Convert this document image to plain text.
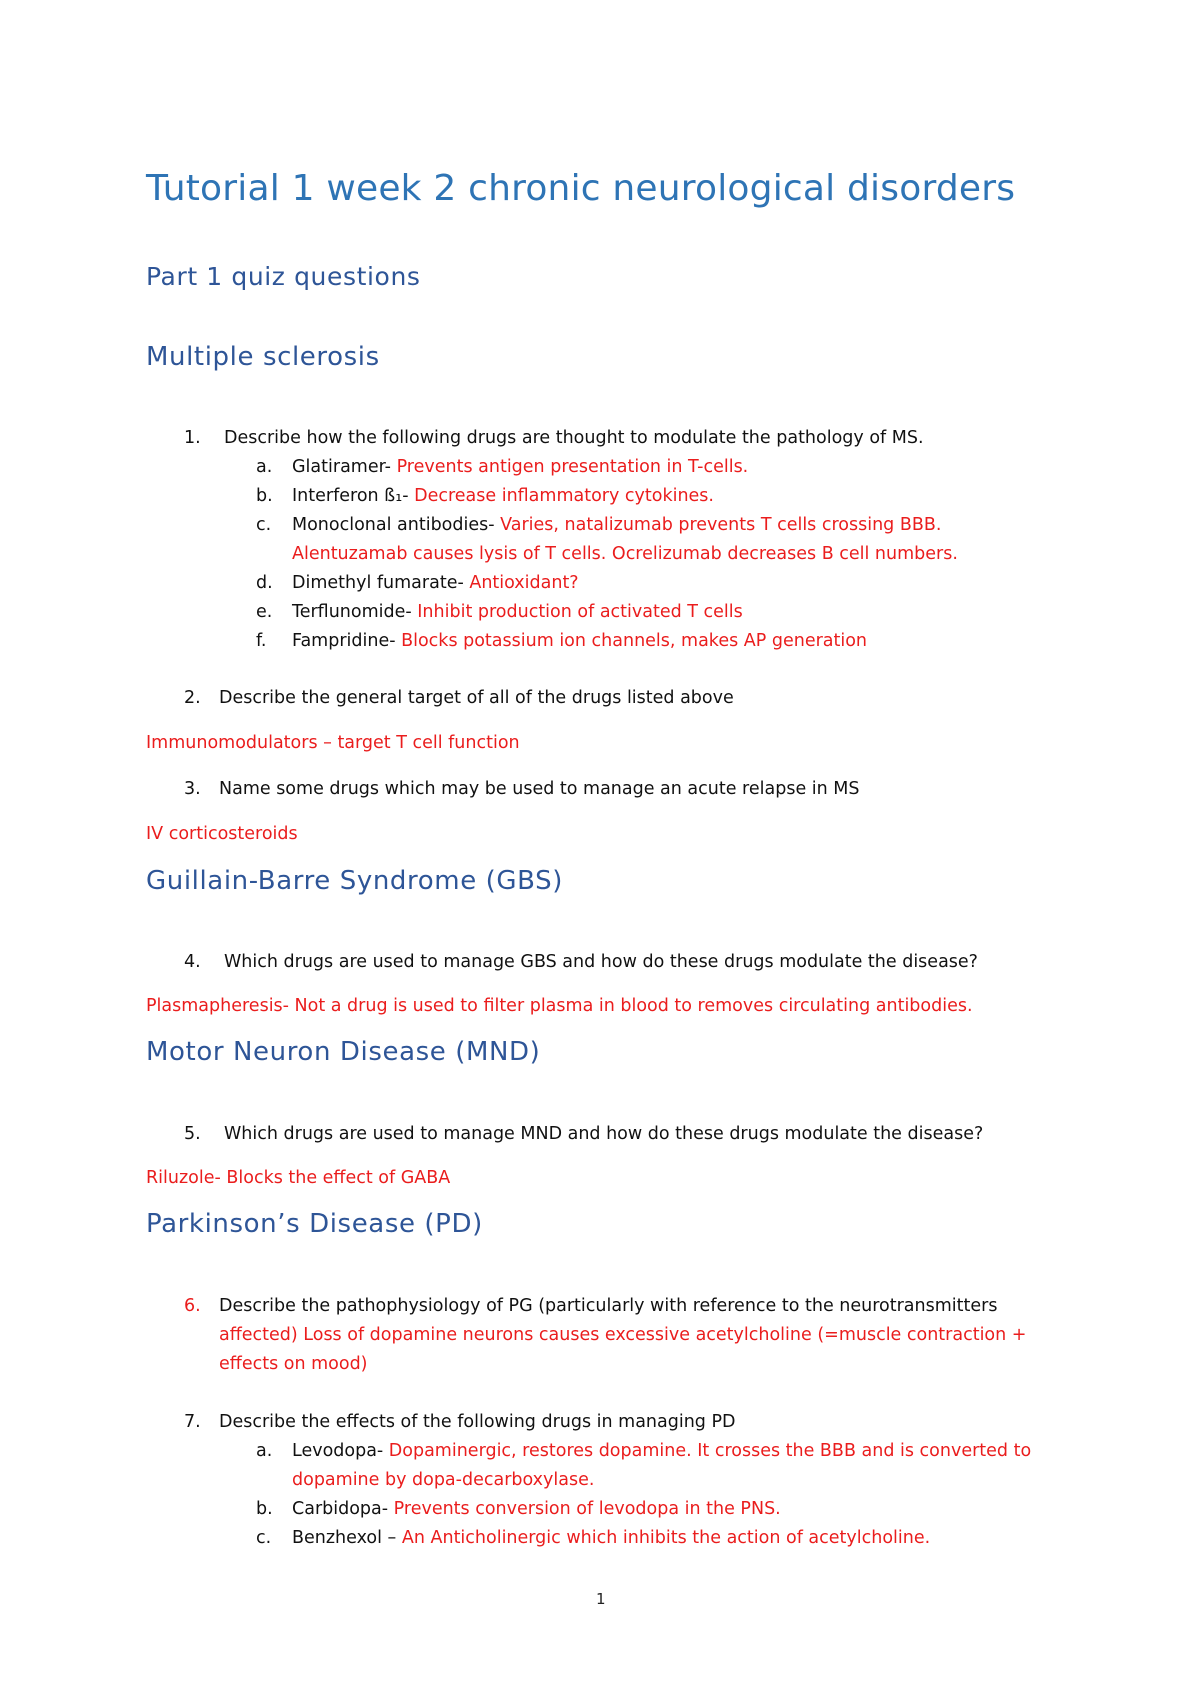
Tutorial 1 week 2 chronic neurological disorders
Part 1 quiz questions
Multiple sclerosis
1. Describe how the following drugs are thought to modulate the pathology of MS.
a. Glatiramer- Prevents antigen presentation in T-cells.
b. Interferon ß₁- Decrease inflammatory cytokines.
c. Monoclonal antibodies- Varies, natalizumab prevents T cells crossing BBB.
Alentuzamab causes lysis of T cells. Ocrelizumab decreases B cell numbers.
d. Dimethyl fumarate- Antioxidant?
e. Terflunomide- Inhibit production of activated T cells
f. Fampridine- Blocks potassium ion channels, makes AP generation
2. Describe the general target of all of the drugs listed above
Immunomodulators – target T cell function
3. Name some drugs which may be used to manage an acute relapse in MS
IV corticosteroids
Guillain-Barre Syndrome (GBS)
4. Which drugs are used to manage GBS and how do these drugs modulate the disease?
Plasmapheresis- Not a drug is used to filter plasma in blood to removes circulating antibodies.
Motor Neuron Disease (MND)
5. Which drugs are used to manage MND and how do these drugs modulate the disease?
Riluzole- Blocks the effect of GABA
Parkinson’s Disease (PD)
6. Describe the pathophysiology of PG (particularly with reference to the neurotransmitters
affected) Loss of dopamine neurons causes excessive acetylcholine (=muscle contraction +
effects on mood)
7. Describe the effects of the following drugs in managing PD
a. Levodopa- Dopaminergic, restores dopamine. It crosses the BBB and is converted to
dopamine by dopa-decarboxylase.
b. Carbidopa- Prevents conversion of levodopa in the PNS.
c. Benzhexol – An Anticholinergic which inhibits the action of acetylcholine.
1
